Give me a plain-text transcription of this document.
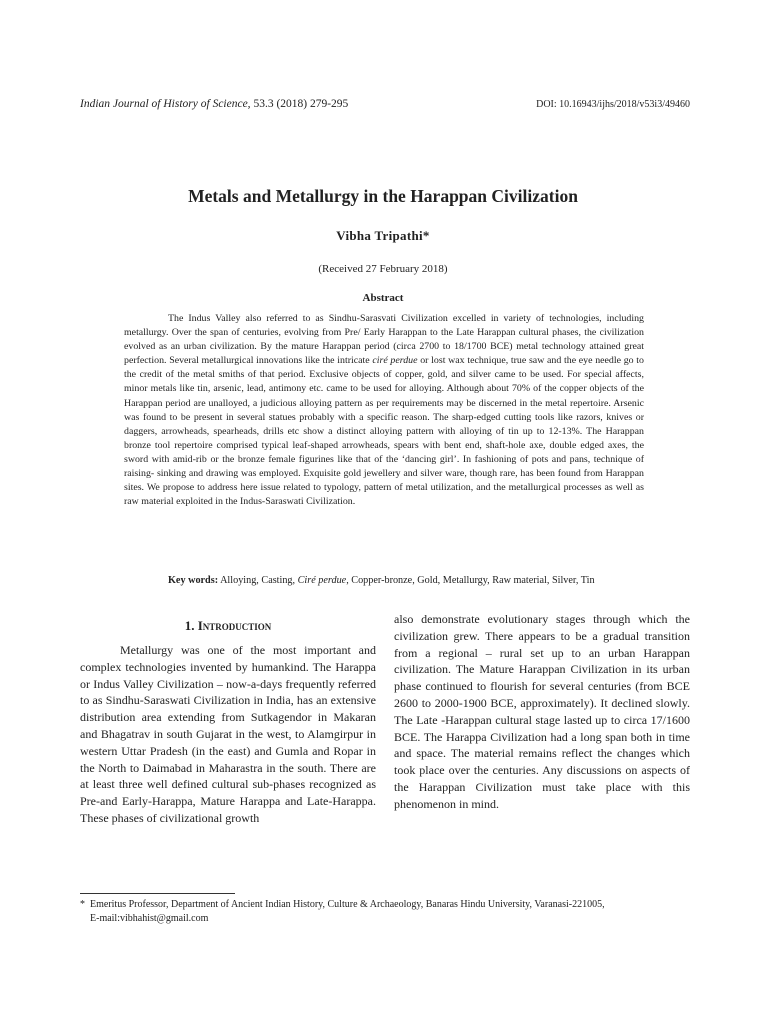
Indian Journal of History of Science, 53.3 (2018) 279-295	DOI: 10.16943/ijhs/2018/v53i3/49460
Metals and Metallurgy in the Harappan Civilization
Vibha Tripathi*
(Received 27 February 2018)
Abstract

The Indus Valley also referred to as Sindhu-Sarasvati Civilization excelled in variety of technologies, including metallurgy. Over the span of centuries, evolving from Pre/ Early Harappan to the Late Harappan cultural phases, the civilization evolved as an urban civilization. By the mature Harappan period (circa 2700 to 18/1700 BCE) metal technology attained great perfection. Several metallurgical innovations like the intricate ciré perdue or lost wax technique, true saw and the eye needle go to the credit of the metal smiths of that period. Exclusive objects of copper, gold, and silver came to be used. For special affects, minor metals like tin, arsenic, lead, antimony etc. came to be used for alloying. Although about 70% of the copper objects of the Harappan period are unalloyed, a judicious alloying pattern as per requirements may be discerned in the metal repertoire. Arsenic was found to be present in several statues probably with a specific reason. The sharp-edged cutting tools like razors, knives or daggers, arrowheads, spearheads, drills etc show a distinct alloying pattern with alloying of tin up to 12-13%. The Harappan bronze tool repertoire comprised typical leaf-shaped arrowheads, spears with bent end, shaft-hole axe, double edged axes, the sword with amid-rib or the bronze female figurines like that of the ‘dancing girl’. In fashioning of pots and pans, technique of raising- sinking and drawing was employed. Exquisite gold jewellery and silver ware, though rare, has been found from Harappan sites. We propose to address here issue related to typology, pattern of metal utilization, and the metallurgical processes as well as raw material exploited in the Indus-Saraswati Civilization.

Key words: Alloying, Casting, Ciré perdue, Copper-bronze, Gold, Metallurgy, Raw material, Silver, Tin

1. Introduction

Metallurgy was one of the most important and complex technologies invented by humankind. The Harappa or Indus Valley Civilization – now-a-days frequently referred to as Sindhu-Saraswati Civilization in India, has an extensive distribution area extending from Sutkagendor in Makaran and Bhagatrav in south Gujarat in the west, to Alamgirpur in western Uttar Pradesh (in the east) and Gumla and Ropar in the North to Daimabad in Maharastra in the south. There are at least three well defined cultural sub-phases recognized as Pre-and Early-Harappa, Mature Harappa and Late-Harappa. These phases of civilizational growth

also demonstrate evolutionary stages through which the civilization grew. There appears to be a gradual transition from a regional – rural set up to an urban Harappan civilization. The Mature Harappan Civilization in its urban phase continued to flourish for several centuries (from BCE 2600 to 2000-1900 BCE, approximately). It declined slowly. The Late -Harappan cultural stage lasted up to circa 17/1600 BCE. The Harappa Civilization had a long span both in time and space. The material remains reflect the changes which took place over the centuries. Any discussions on aspects of the Harappan Civilization must take place with this phenomenon in mind.

* Emeritus Professor, Department of Ancient Indian History, Culture & Archaeology, Banaras Hindu University, Varanasi-221005,
E-mail:vibhahist@gmail.com
